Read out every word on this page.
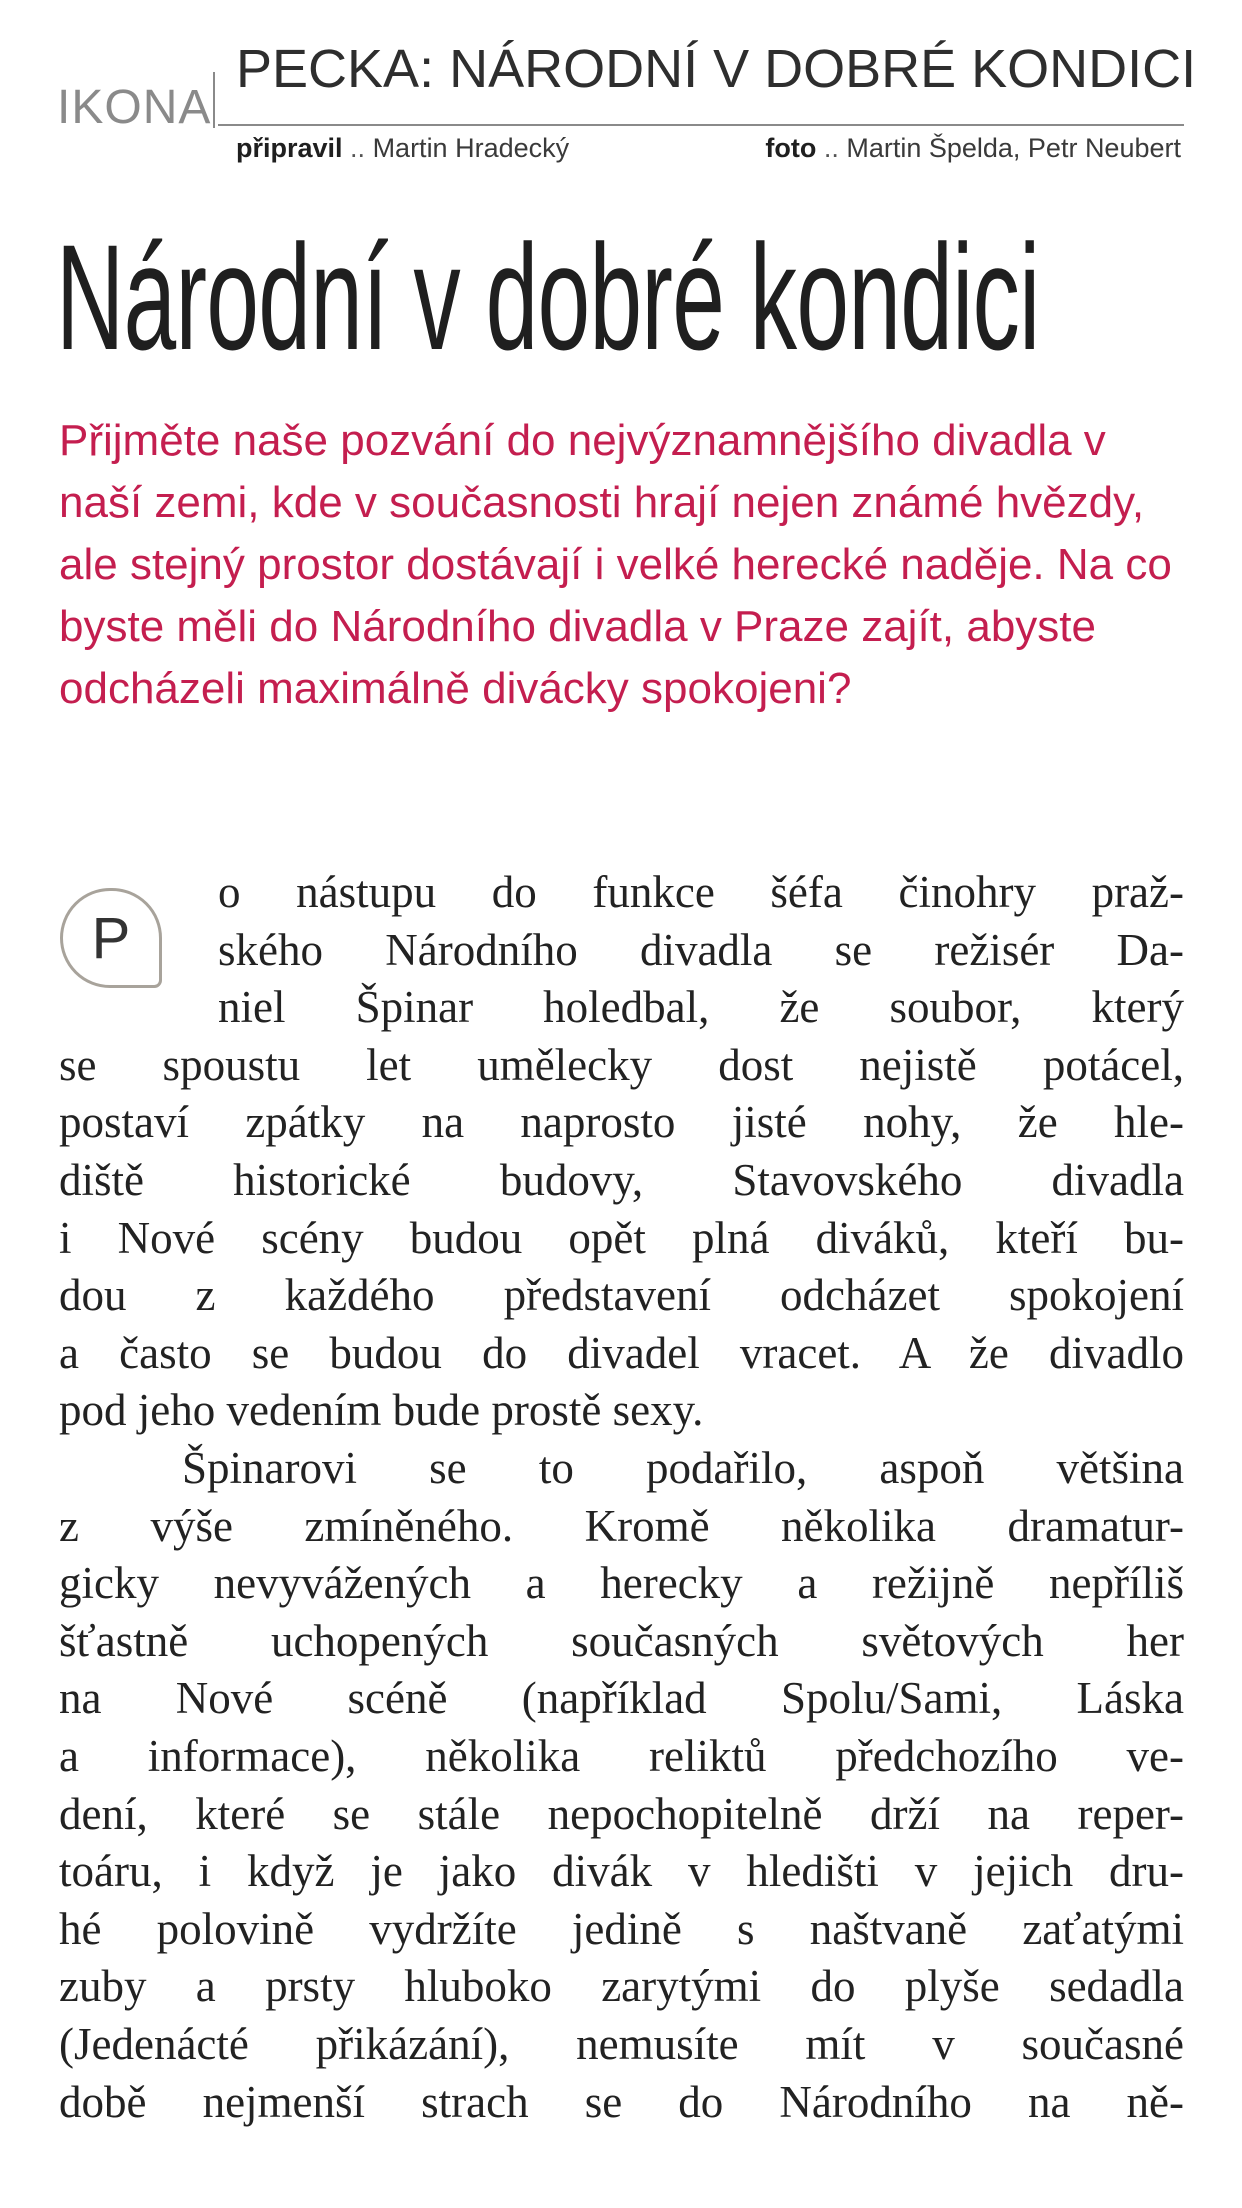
IKONA
PECKA: NÁRODNÍ V DOBRÉ KONDICI
připravil .. Martin Hradecký	foto .. Martin Špelda, Petr Neubert
Národní v dobré kondici
Přijměte naše pozvání do nejvýznamnějšího divadla v naší zemi, kde v současnosti hrají nejen známé hvězdy, ale stejný prostor dostávají i velké herecké naděje. Na co byste měli do Národního divadla v Praze zajít, abyste odcházeli maximálně divácky spokojeni?
P
o nástupu do funkce šéfa činohry praž-
ského Národního divadla se režisér Da-
niel Špinar holedbal, že soubor, který
se spoustu let umělecky dost nejistě potácel,
postaví zpátky na naprosto jisté nohy, že hle-
diště historické budovy, Stavovského divadla
i Nové scény budou opět plná diváků, kteří bu-
dou z každého představení odcházet spokojení
a často se budou do divadel vracet. A že divadlo
pod jeho vedením bude prostě sexy.
Špinarovi se to podařilo, aspoň většina
z výše zmíněného. Kromě několika dramatur-
gicky nevyvážených a herecky a režijně nepříliš
šťastně uchopených současných světových her
na Nové scéně (například Spolu/Sami, Láska
a informace), několika reliktů předchozího ve-
dení, které se stále nepochopitelně drží na reper-
toáru, i když je jako divák v hledišti v jejich dru-
hé polovině vydržíte jedině s naštvaně zaťatými
zuby a prsty hluboko zarytými do plyše sedadla
(Jedenácté přikázání), nemusíte mít v současné
době nejmenší strach se do Národního na ně-
